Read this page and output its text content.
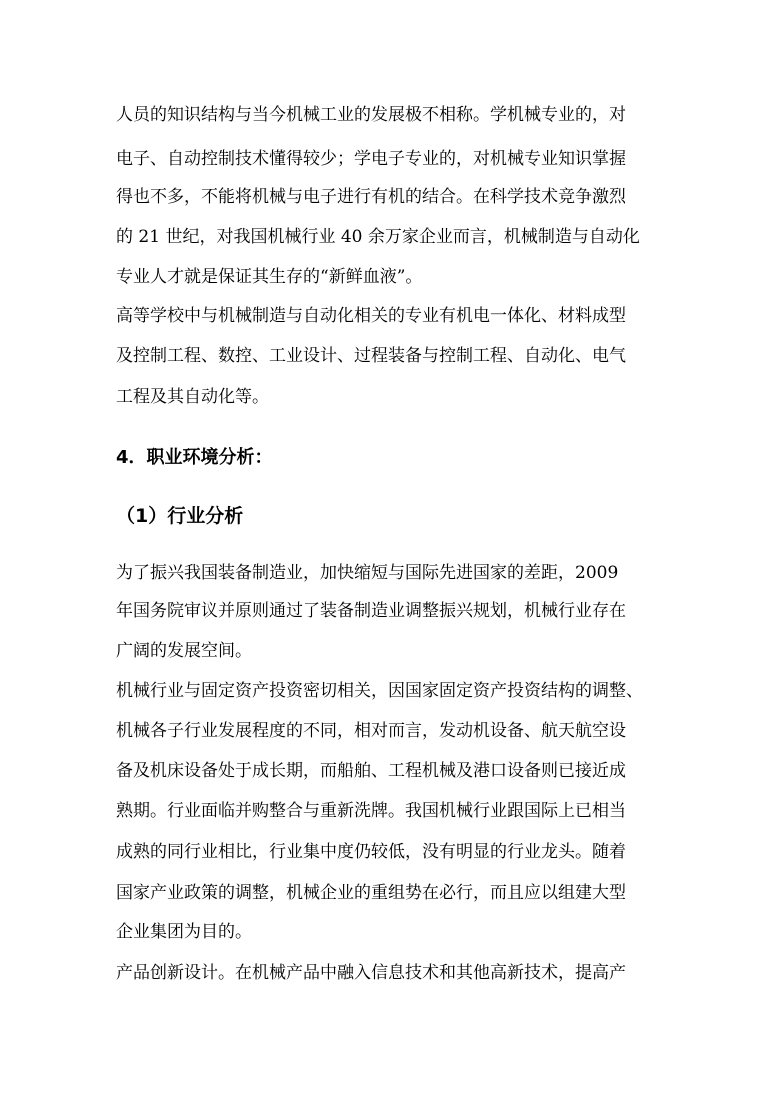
人员的知识结构与当今机械工业的发展极不相称。学机械专业的，对
电子、自动控制技术懂得较少；学电子专业的，对机械专业知识掌握
得也不多，不能将机械与电子进行有机的结合。在科学技术竞争激烈
的 21 世纪，对我国机械行业 40 余万家企业而言，机械制造与自动化
专业人才就是保证其生存的“新鲜血液”。
高等学校中与机械制造与自动化相关的专业有机电一体化、材料成型
及控制工程、数控、工业设计、过程装备与控制工程、自动化、电气
工程及其自动化等。
4．职业环境分析：
（1）行业分析
为了振兴我国装备制造业，加快缩短与国际先进国家的差距，2009
年国务院审议并原则通过了装备制造业调整振兴规划，机械行业存在
广阔的发展空间。
机械行业与固定资产投资密切相关，因国家固定资产投资结构的调整、
机械各子行业发展程度的不同，相对而言，发动机设备、航天航空设
备及机床设备处于成长期，而船舶、工程机械及港口设备则已接近成
熟期。行业面临并购整合与重新洗牌。我国机械行业跟国际上已相当
成熟的同行业相比，行业集中度仍较低，没有明显的行业龙头。随着
国家产业政策的调整，机械企业的重组势在必行，而且应以组建大型
企业集团为目的。
产品创新设计。在机械产品中融入信息技术和其他高新技术，提高产
